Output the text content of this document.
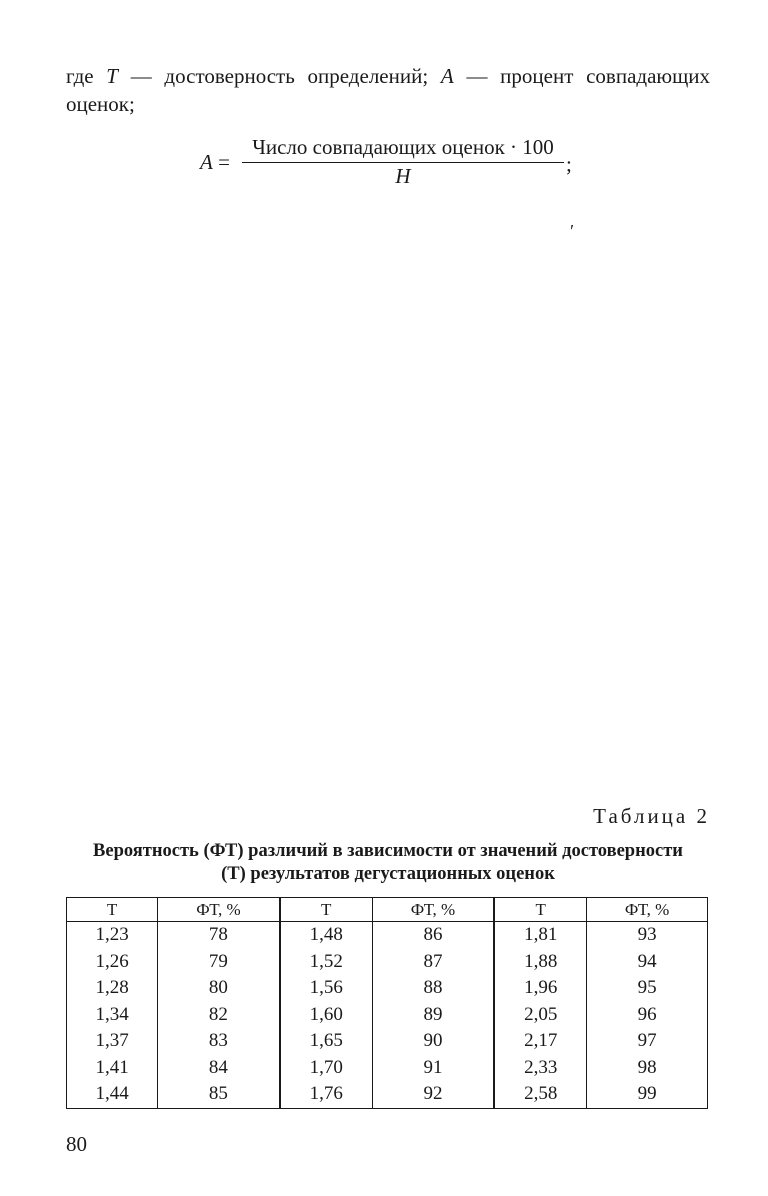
где T — достоверность определений; A — процент совпадающих оценок;
A =
Число совпадающих оценок · 100
H	;
′
Таблица 2
Вероятность (ФТ) различий в зависимости от значений достоверности
(Т) результатов дегустационных оценок
Т	ФТ, %	Т	ФТ, %	Т	ФТ, %
1,23	78	1,48	86	1,81	93
1,26	79	1,52	87	1,88	94
1,28	80	1,56	88	1,96	95
1,34	82	1,60	89	2,05	96
1,37	83	1,65	90	2,17	97
1,41	84	1,70	91	2,33	98
1,44	85	1,76	92	2,58	99
80
